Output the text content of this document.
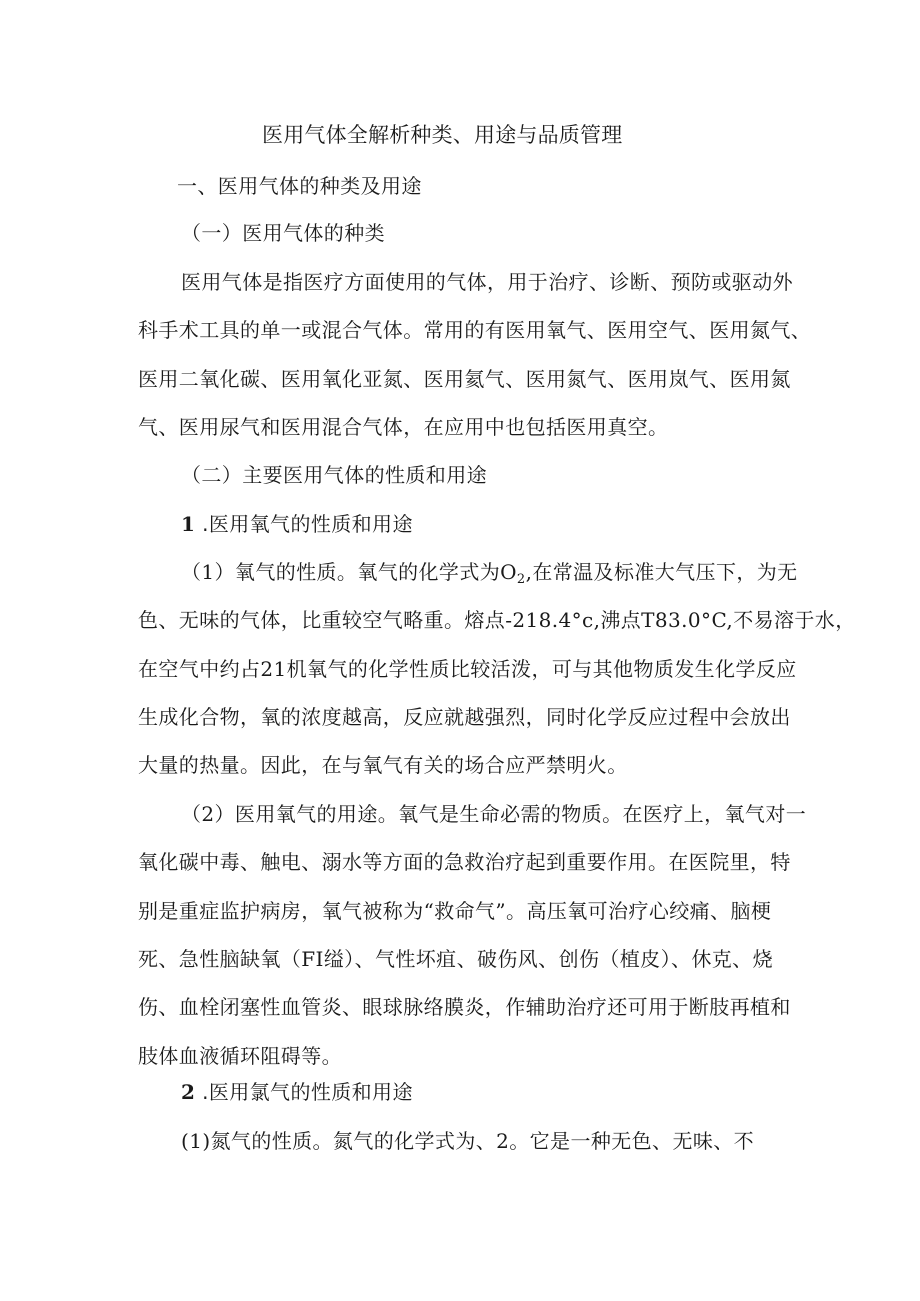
医用气体全解析种类、用途与品质管理
一、医用气体的种类及用途
（一）医用气体的种类
医用气体是指医疗方面使用的气体，用于治疗、诊断、预防或驱动外
科手术工具的单一或混合气体。常用的有医用氧气、医用空气、医用氮气、
医用二氧化碳、医用氧化亚氮、医用氦气、医用氮气、医用岚气、医用氮
气、医用尿气和医用混合气体，在应用中也包括医用真空。
（二）主要医用气体的性质和用途
1 .医用氧气的性质和用途
（1）氧气的性质。氧气的化学式为$O_2$,在常温及标准大气压下，为无
色、无味的气体，比重较空气略重。熔点-218.4°c,沸点T83.0°C,不易溶于水，
在空气中约占21机氧气的化学性质比较活泼，可与其他物质发生化学反应
生成化合物，氧的浓度越高，反应就越强烈，同时化学反应过程中会放出
大量的热量。因此，在与氧气有关的场合应严禁明火。
（2）医用氧气的用途。氧气是生命必需的物质。在医疗上，氧气对一
氧化碳中毒、触电、溺水等方面的急救治疗起到重要作用。在医院里，特
别是重症监护病房，氧气被称为“救命气”。高压氧可治疗心绞痛、脑梗
死、急性脑缺氧（FI缢）、气性坏疽、破伤风、创伤（植皮）、休克、烧
伤、血栓闭塞性血管炎、眼球脉络膜炎，作辅助治疗还可用于断肢再植和
肢体血液循环阻碍等。
2 .医用氯气的性质和用途
(1)氮气的性质。氮气的化学式为、2。它是一种无色、无味、不
